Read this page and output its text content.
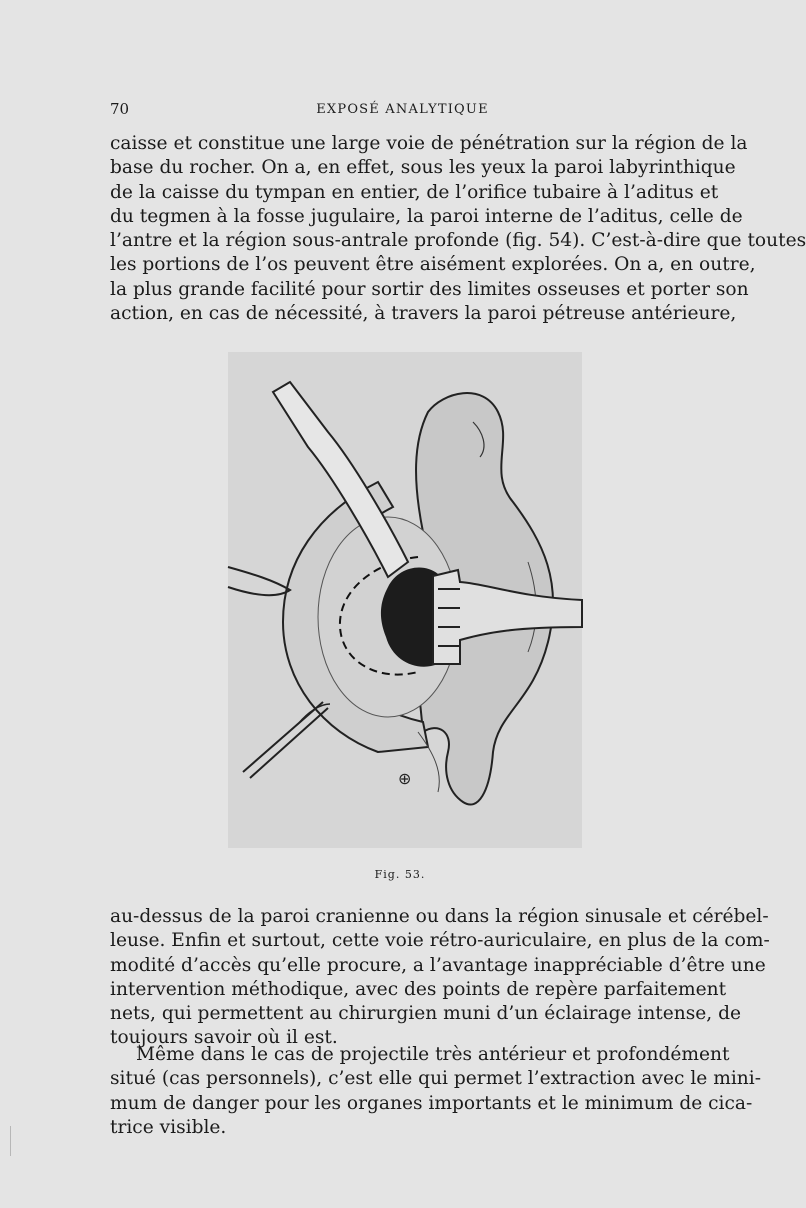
70	EXPOSÉ ANALYTIQUE
caisse et constitue une large voie de pénétration sur la région de la
base du rocher. On a, en effet, sous les yeux la paroi labyrinthique
de la caisse du tympan en entier, de l’orifice tubaire à l’aditus et
du tegmen à la fosse jugulaire, la paroi interne de l’aditus, celle de
l’antre et la région sous-antrale profonde (fig. 54). C’est-à-dire que toutes
les portions de l’os peuvent être aisément explorées. On a, en outre,
la plus grande facilité pour sortir des limites osseuses et porter son
action, en cas de nécessité, à travers la paroi pétreuse antérieure,
⊕
Fig. 53.
au-dessus de la paroi cranienne ou dans la région sinusale et cérébel-
leuse. Enfin et surtout, cette voie rétro-auriculaire, en plus de la com-
modité d’accès qu’elle procure, a l’avantage inappréciable d’être une
intervention méthodique, avec des points de repère parfaitement
nets, qui permettent au chirurgien muni d’un éclairage intense, de
toujours savoir où il est.
Même dans le cas de projectile très antérieur et profondément
situé (cas personnels), c’est elle qui permet l’extraction avec le mini-
mum de danger pour les organes importants et le minimum de cica-
trice visible.
